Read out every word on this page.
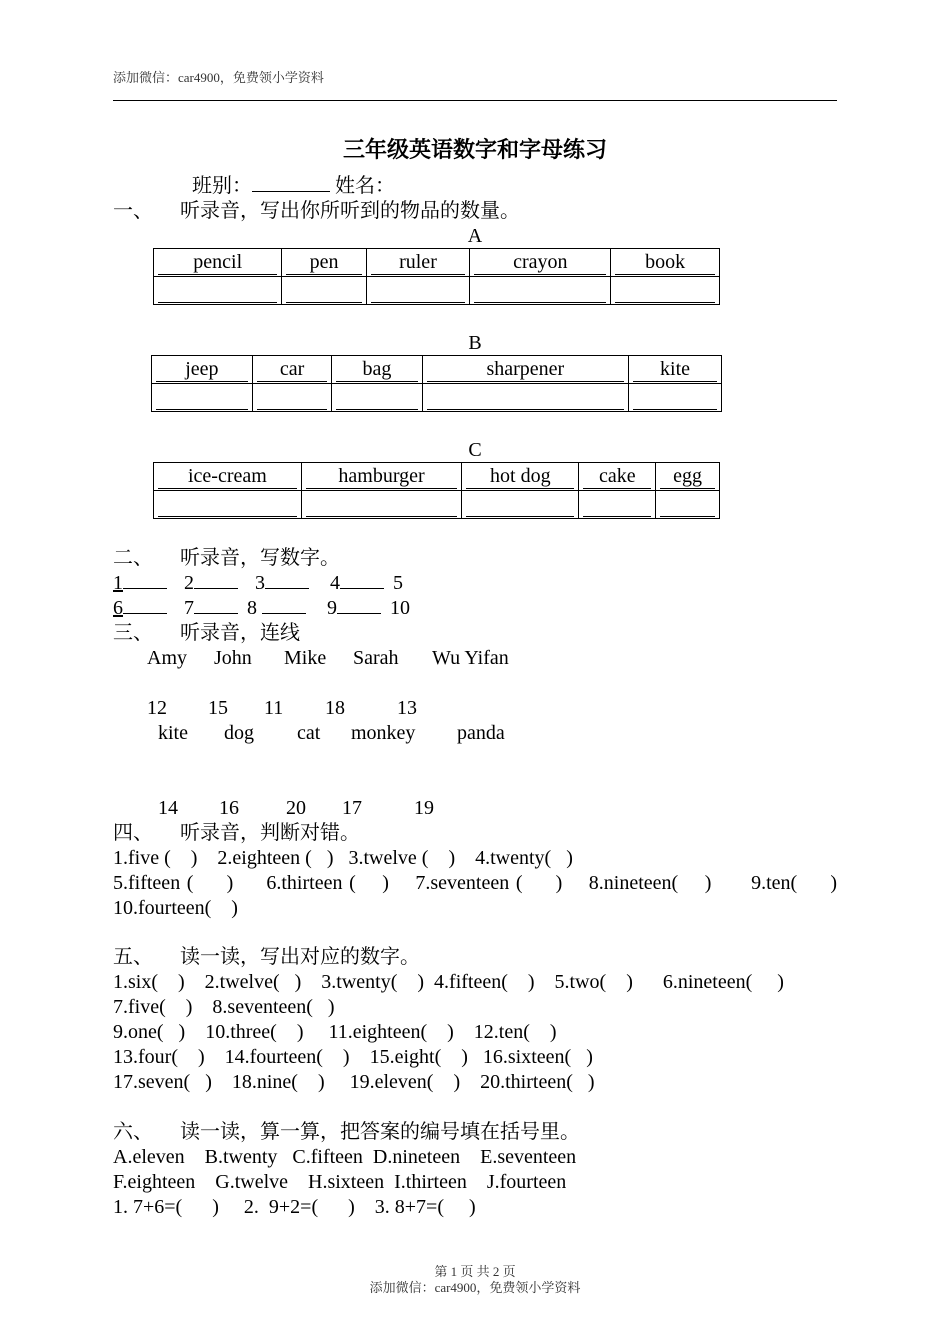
添加微信：car4900，免费领小学资料
三年级英语数字和字母练习
班别：	姓名：
一、 听录音，写出你所听到的物品的数量。
A
pencil	pen	ruler	crayon	book

B
jeep	car	bag	sharpener	kite

C
ice-cream	hamburger	hot dog	cake	egg

二、 听录音，写数字。
1	2	3	4	5
6	7	8	9	10
三、 听录音，连线
Amy John Mike Sarah Wu Yifan
12 15 11 18	13
kite dog cat monkey panda
14 16 20 17	19
四、 听录音，判断对错。
1.five (    )    2.eighteen (   )   3.twelve (    )    4.twenty(   )
5.fifteen (     )     6.thirteen (    )    7.seventeen (     )    8.nineteen(    )      9.ten(     )
10.fourteen(    )
五、 读一读，写出对应的数字。
1.six(    )    2.twelve(   )    3.twenty(    )  4.fifteen(    )    5.two(    )      6.nineteen(     )
7.five(    )    8.seventeen(   )
9.one(   )    10.three(    )     11.eighteen(    )    12.ten(    )
13.four(    )    14.fourteen(    )    15.eight(    )   16.sixteen(   )
17.seven(   )    18.nine(    )     19.eleven(    )    20.thirteen(   )
六、 读一读，算一算，把答案的编号填在括号里。
A.eleven    B.twenty   C.fifteen  D.nineteen    E.seventeen
F.eighteen    G.twelve    H.sixteen  I.thirteen    J.fourteen
1. 7+6=(      )     2.  9+2=(      )    3. 8+7=(     )
第 1 页 共 2 页
添加微信：car4900，免费领小学资料
